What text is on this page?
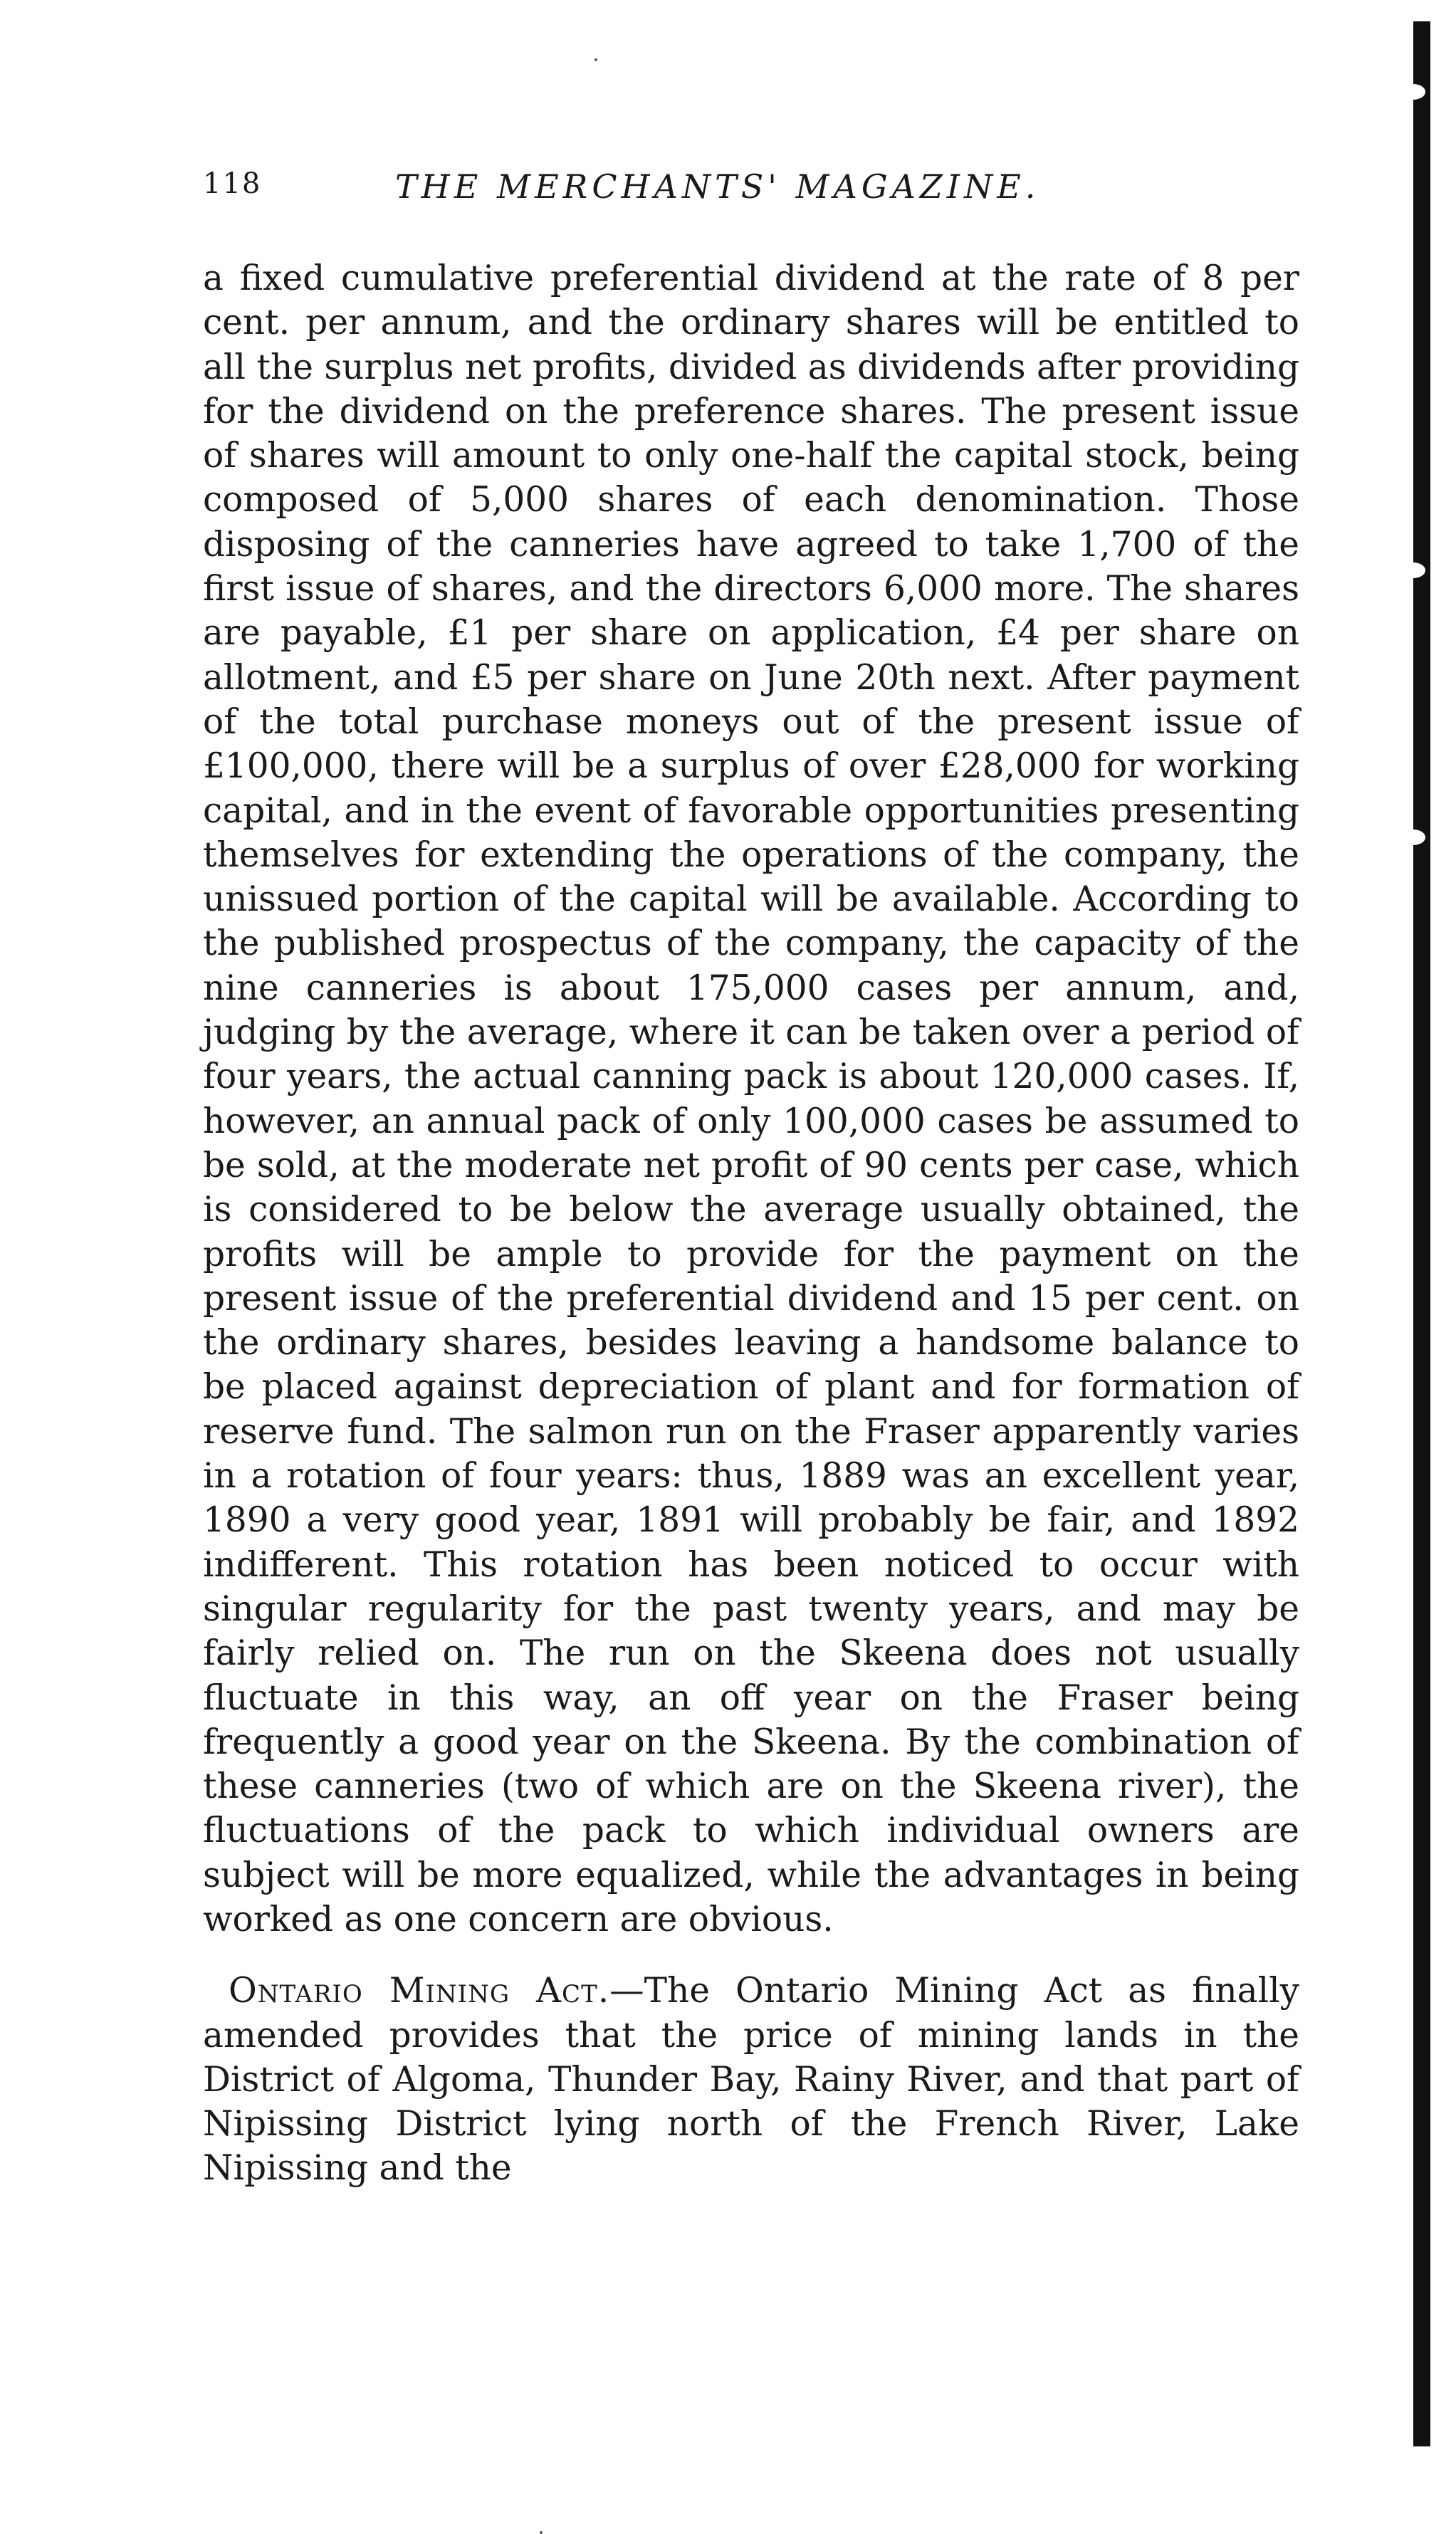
118	THE MERCHANTS' MAGAZINE.

a fixed cumulative preferential dividend at the rate of 8 per cent. per annum, and the ordinary shares will be entitled to all the surplus net profits, divided as dividends after providing for the dividend on the preference shares. The present issue of shares will amount to only one-half the capital stock, being composed of 5,000 shares of each denomination. Those disposing of the canneries have agreed to take 1,700 of the first issue of shares, and the directors 6,000 more. The shares are payable, £1 per share on application, £4 per share on allotment, and £5 per share on June 20th next. After payment of the total purchase moneys out of the present issue of £100,000, there will be a surplus of over £28,000 for working capital, and in the event of favorable opportunities presenting themselves for extending the operations of the company, the unissued portion of the capital will be available. According to the published prospectus of the company, the capacity of the nine canneries is about 175,000 cases per annum, and, judging by the average, where it can be taken over a period of four years, the actual canning pack is about 120,000 cases. If, however, an annual pack of only 100,000 cases be assumed to be sold, at the moderate net profit of 90 cents per case, which is considered to be below the average usually obtained, the profits will be ample to provide for the payment on the present issue of the preferential dividend and 15 per cent. on the ordinary shares, besides leaving a handsome balance to be placed against depreciation of plant and for formation of reserve fund. The salmon run on the Fraser apparently varies in a rotation of four years: thus, 1889 was an excellent year, 1890 a very good year, 1891 will probably be fair, and 1892 indifferent. This rotation has been noticed to occur with singular regularity for the past twenty years, and may be fairly relied on. The run on the Skeena does not usually fluctuate in this way, an off year on the Fraser being frequently a good year on the Skeena. By the combination of these canneries (two of which are on the Skeena river), the fluctuations of the pack to which individual owners are subject will be more equalized, while the advantages in being worked as one concern are obvious.

Ontario Mining Act.—The Ontario Mining Act as finally amended provides that the price of mining lands in the District of Algoma, Thunder Bay, Rainy River, and that part of Nipissing District lying north of the French River, Lake Nipissing and the
